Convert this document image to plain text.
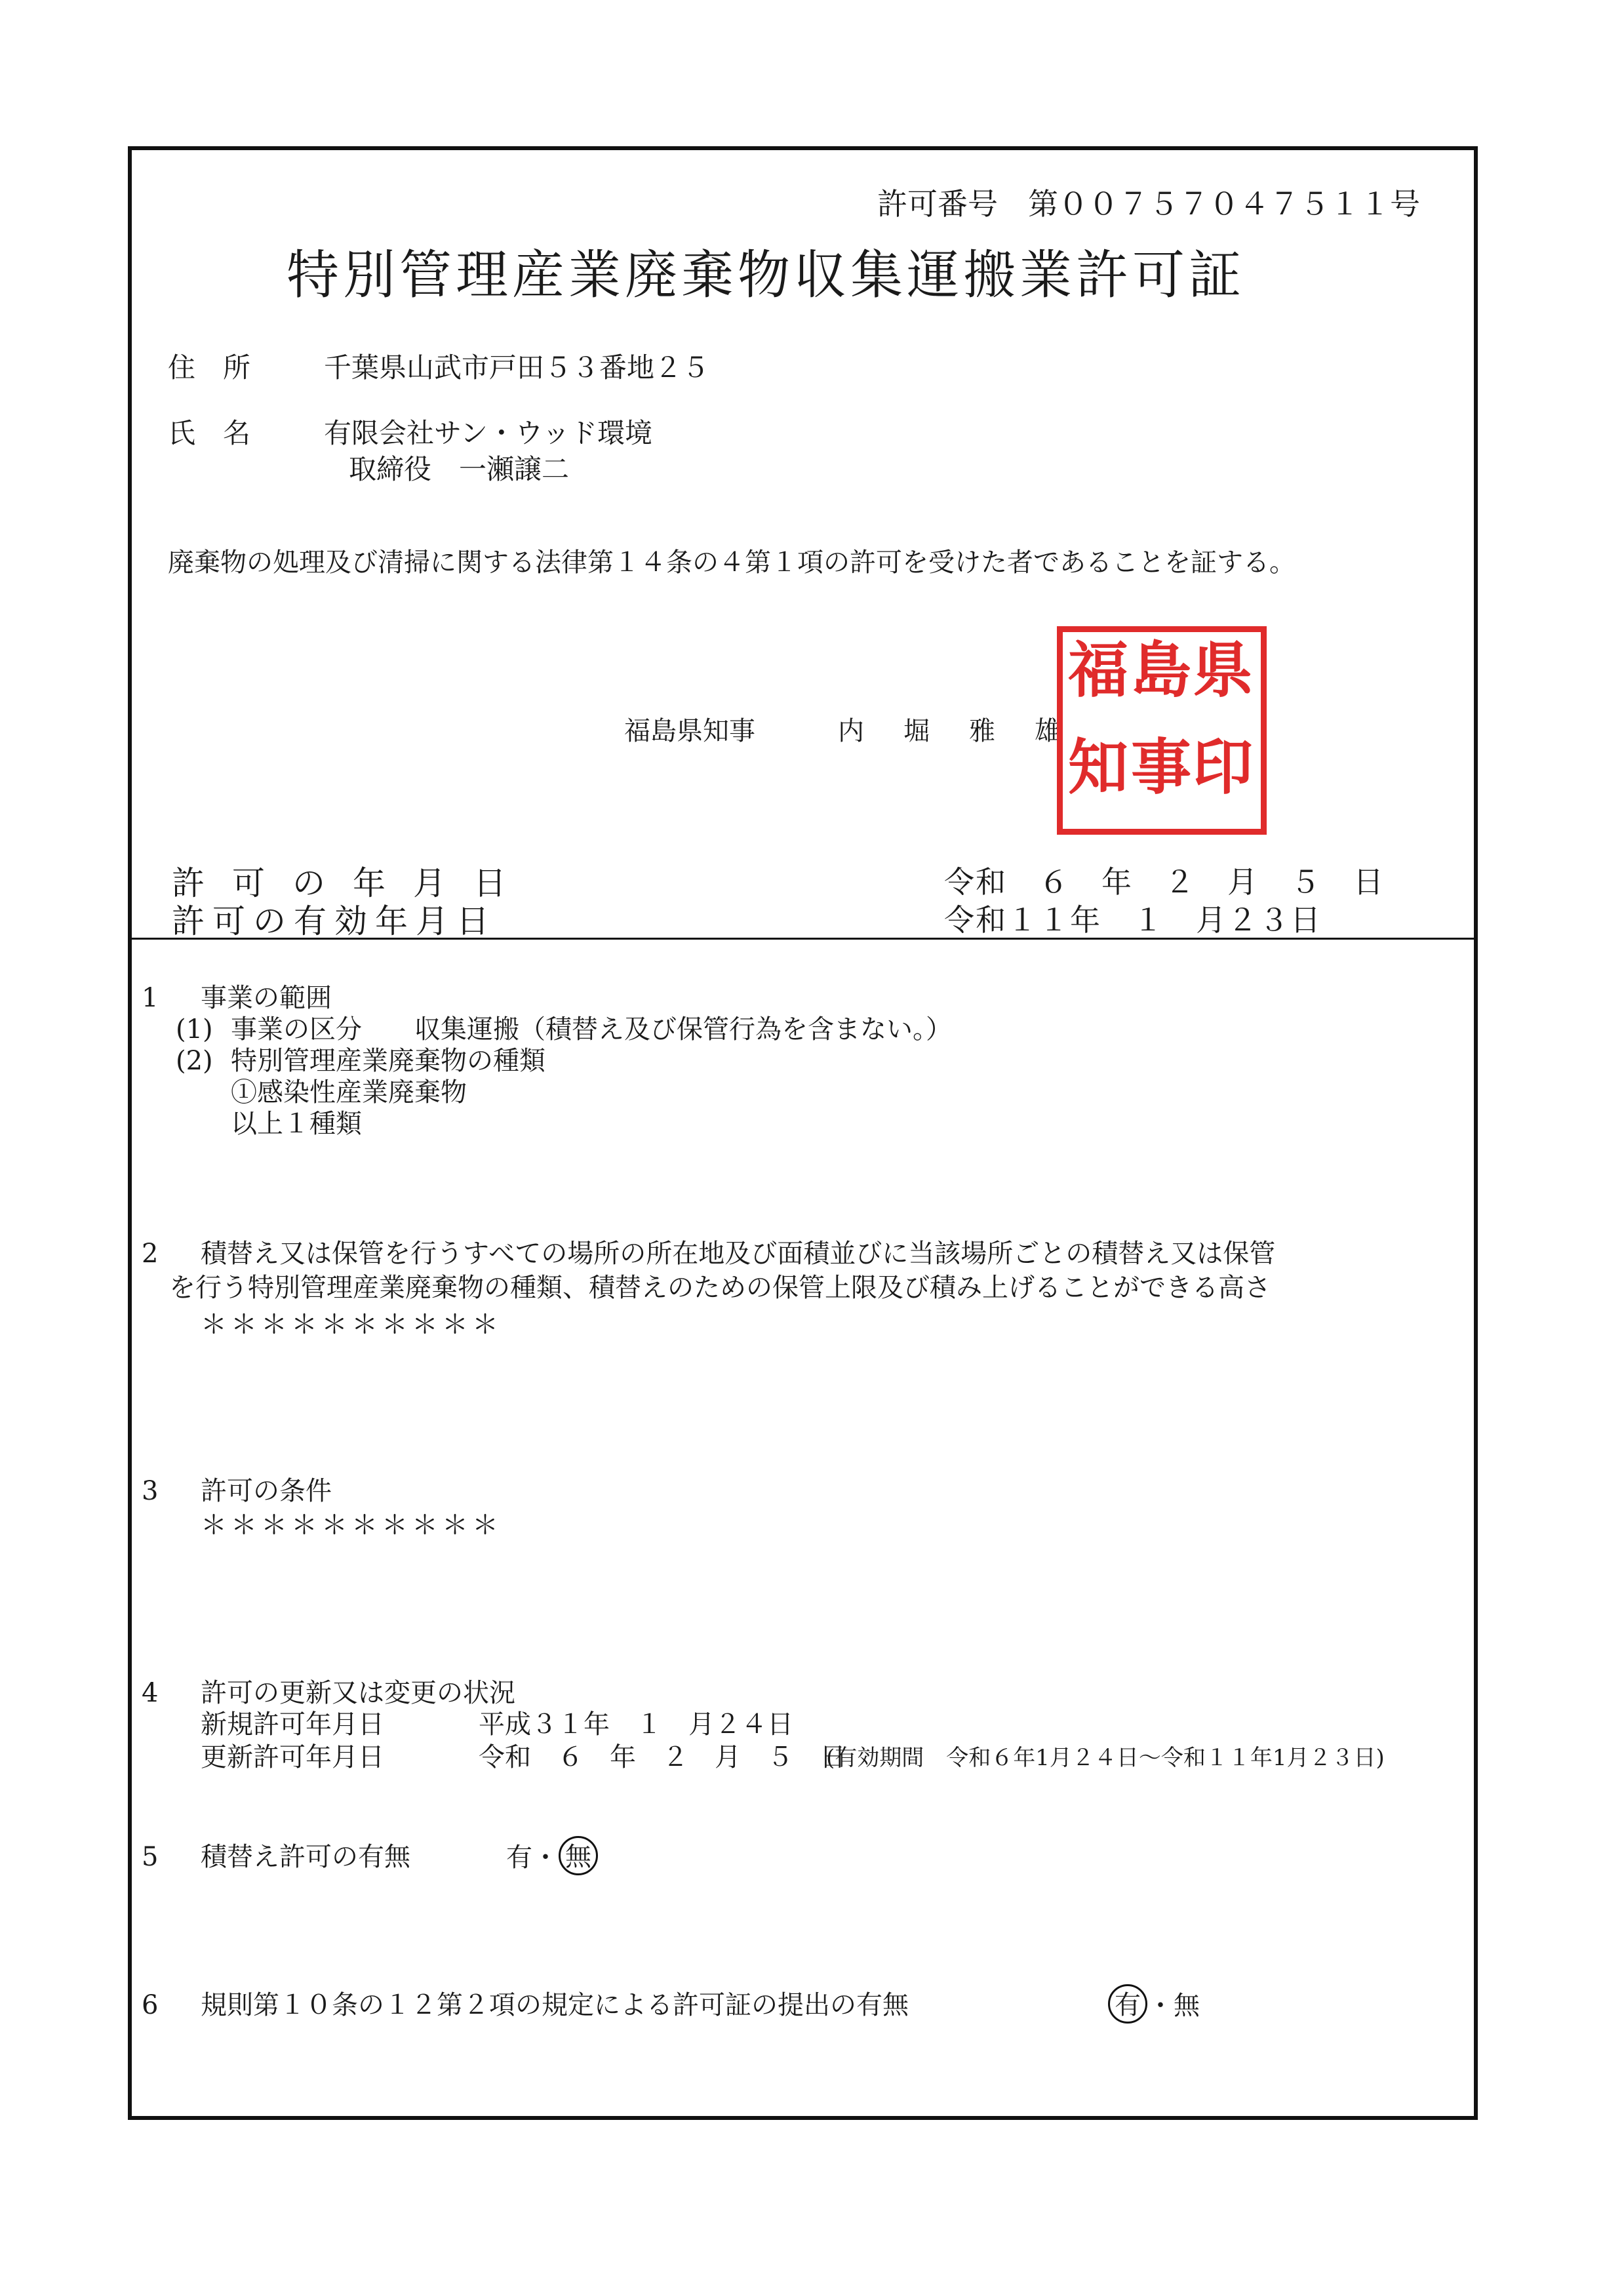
許可番号　第００７５７０４７５１１号
特別管理産業廃棄物収集運搬業許可証
住　所	千葉県山武市戸田５３番地２５
氏　名	有限会社サン・ウッド環境
取締役　一瀬譲二
廃棄物の処理及び清掃に関する法律第１４条の４第１項の許可を受けた者であることを証する。
福島県知事	内　堀　雅　雄
県
印
島
事
福
知
許可の年月日	令和　６　年　２　月　５　日
許可の有効年月日	令和１１年　１　月２３日
1 事業の範囲
(1) 事業の区分　　収集運搬（積替え及び保管行為を含まない。）
(2) 特別管理産業廃棄物の種類
①感染性産業廃棄物
以上１種類
2 積替え又は保管を行うすべての場所の所在地及び面積並びに当該場所ごとの積替え又は保管
を行う特別管理産業廃棄物の種類、積替えのための保管上限及び積み上げることができる高さ
＊＊＊＊＊＊＊＊＊＊
3 許可の条件
＊＊＊＊＊＊＊＊＊＊
4 許可の更新又は変更の状況
新規許可年月日	平成３１年　１　月２４日
更新許可年月日	令和　６　年　２　月　５　日
(有効期間　令和６年1月２４日～令和１１年1月２３日)
5 積替え許可の有無	有・ 無
6 規則第１０条の１２第２項の規定による許可証の提出の有無	有 ・無
